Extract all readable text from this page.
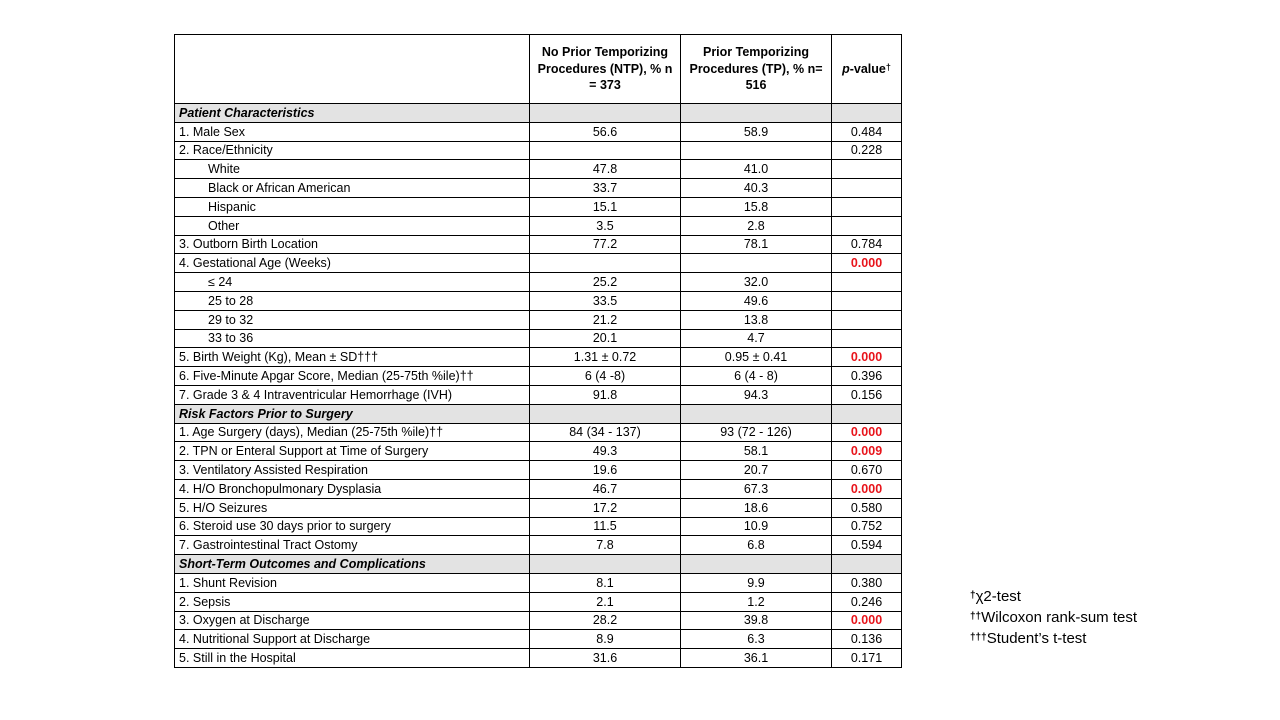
	No Prior Temporizing Procedures (NTP), % n = 373	Prior Temporizing Procedures (TP), % n= 516	p-value†
Patient Characteristics			
1. Male Sex	56.6	58.9	0.484
2. Race/Ethnicity			0.228
White	47.8	41.0	
Black or African American	33.7	40.3	
Hispanic	15.1	15.8	
Other	3.5	2.8	
3. Outborn Birth Location	77.2	78.1	0.784
4. Gestational Age (Weeks)			0.000
≤ 24	25.2	32.0	
25 to 28	33.5	49.6	
29 to 32	21.2	13.8	
33 to 36	20.1	4.7	
5. Birth Weight (Kg), Mean ± SD†††	1.31 ± 0.72	0.95 ± 0.41	0.000
6. Five-Minute Apgar Score, Median (25-75th %ile)††	6 (4 -8)	6 (4 - 8)	0.396
7. Grade 3 & 4 Intraventricular Hemorrhage (IVH)	91.8	94.3	0.156
Risk Factors Prior to Surgery			
1. Age Surgery (days), Median (25-75th %ile)††	84 (34 - 137)	93 (72 - 126)	0.000
2. TPN or Enteral Support at Time of Surgery	49.3	58.1	0.009
3. Ventilatory Assisted Respiration	19.6	20.7	0.670
4. H/O Bronchopulmonary Dysplasia	46.7	67.3	0.000
5. H/O Seizures	17.2	18.6	0.580
6. Steroid use 30 days prior to surgery	11.5	10.9	0.752
7. Gastrointestinal Tract Ostomy	7.8	6.8	0.594
Short-Term Outcomes and Complications			
1. Shunt Revision	8.1	9.9	0.380
2. Sepsis	2.1	1.2	0.246
3. Oxygen at Discharge	28.2	39.8	0.000
4. Nutritional Support at Discharge	8.9	6.3	0.136
5. Still in the Hospital	31.6	36.1	0.171
†χ2-test
††Wilcoxon rank-sum test
†††Student’s t-test
